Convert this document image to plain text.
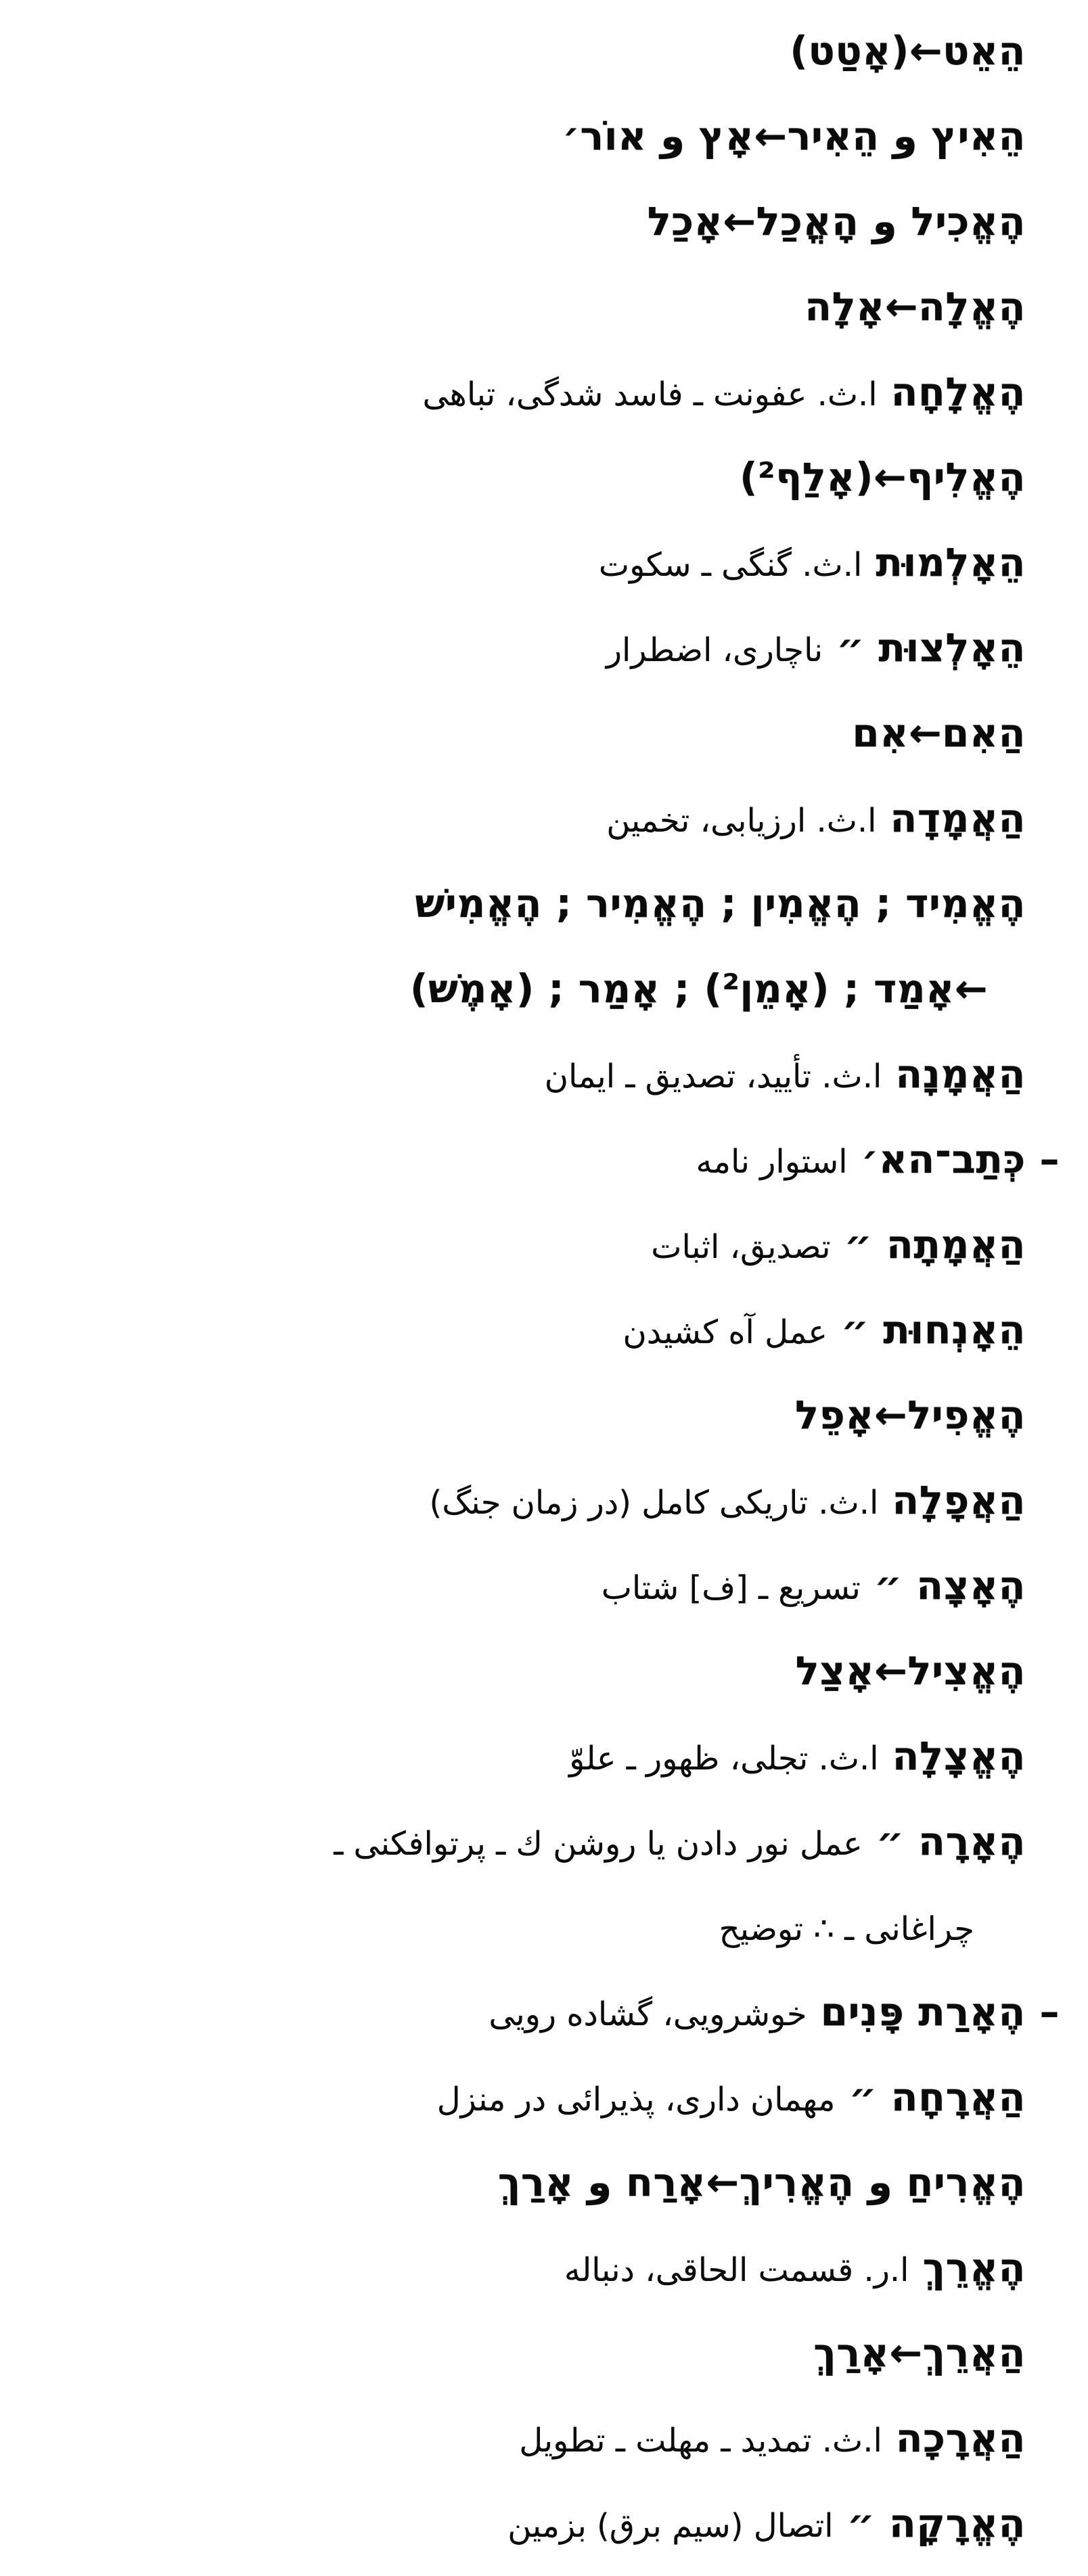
הֵאֵט←(אָטַט)
הֵאִיץ و הֵאִיר←אָץ و אוֹר׳
הֶאֱכִיל و הָאֳכַל←אָכַל
הֶאֱלָה←אָלָה
הֶאֱלָחָהا.ث. عفونت ـ فاسد شدگی، تباهی
הֶאֱלִיף←(אָלַף²)
הֵאָלְמוּתا.ث. گنگی ـ سکوت
הֵאָלְצוּת ״ناچاری، اضطرار
הַאִם←אִם
הַאֲמָדָהا.ث. ارزیابی، تخمین
הֶאֱמִיד ; הֶאֱמִין ; הֶאֱמִיר ; הֶאֱמִישׁ
←אָמַד ; (אָמֵן²) ; אָמַר ; (אָמֶשׁ)
הַאֲמָנָהا.ث. تأیید، تصدیق ـ ایمان
– כְּתַב־הא׳استوار نامه
הַאֲמָתָה ״تصدیق، اثبات
הֵאָנְחוּת ״عمل آه کشیدن
הֶאֱפִיל←אָפֵל
הַאֲפָלָהا.ث. تاریکی کامل (در زمان جنگ)
הֶאָצָה ״تسریع ـ [ف] شتاب
הֶאֱצִיל←אָצַל
הֶאֱצָלָהا.ث. تجلی، ظهور ـ علوّ
הֶאָרָה ״عمل نور دادن یا روشن ك ـ پرتوافکنی ـ
چراغانی ـ ∴ توضیح
– הֶאָרַת פָּנִיםخوشرویی، گشاده رویی
הַאֲרָחָה ״مهمان داری، پذیرائی در منزل
הֶאֱרִיחַ و הֶאֱרִיךְ←אָרַח و אָרַךְ
הֶאֱרֵךְا.ر. قسمت الحاقی، دنباله
הַאֲרֵךְ←אָרַךְ
הַאֲרָכָהا.ث. تمدید ـ مهلت ـ تطویل
הֶאֱרָקָה ״اتصال (سیم برق) بزمین
